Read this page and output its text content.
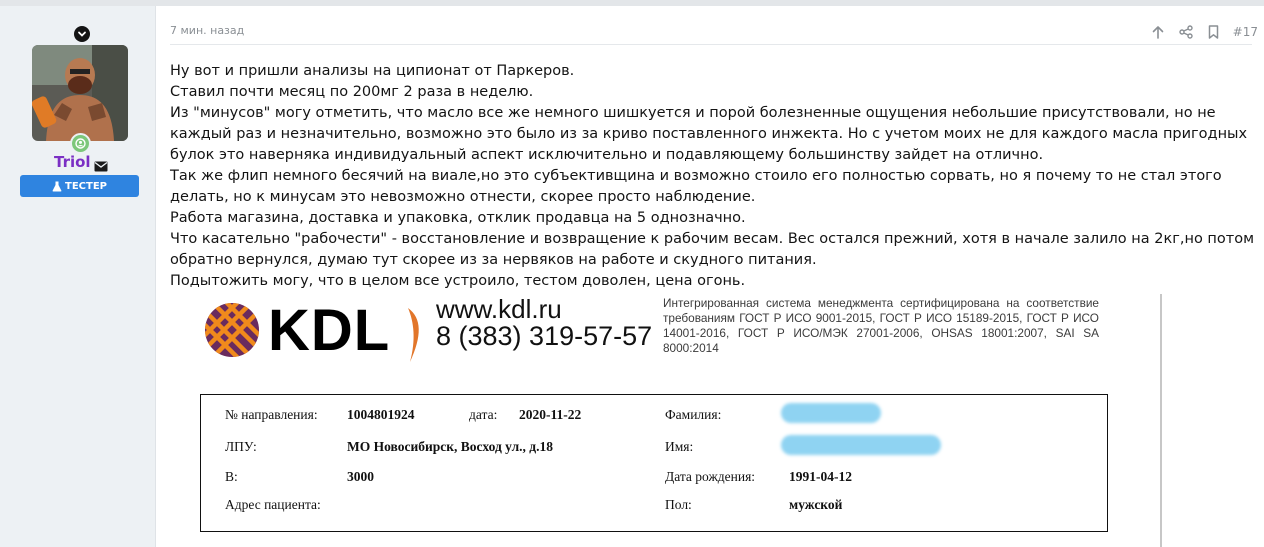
Triol
ТЕСТЕР
7 мин. назад	#17

Ну вот и пришли анализы на ципионат от Паркеров.

Ставил почти месяц по 200мг 2 раза в неделю.

Из "минусов" могу отметить, что масло все же немного шишкуется и порой болезненные ощущения небольшие присутствовали, но не каждый раз и незначительно, возможно это было из за криво поставленного инжекта. Но с учетом моих не для каждого масла пригодных булок это наверняка индивидуальный аспект исключительно и подавляющему большинству зайдет на отлично.

Так же флип немного бесячий на виале,но это субъективщина и возможно стоило его полностью сорвать, но я почему то не стал этого делать, но к минусам это невозможно отнести, скорее просто наблюдение.

Работа магазина, доставка и упаковка, отклик продавца на 5 однозначно.

Что касательно "рабочести" - восстановление и возвращение к рабочим весам. Вес остался прежний, хотя в начале залило на 2кг,но потом обратно вернулся, думаю тут скорее из за нервяков на работе и скудного питания.

Подытожить могу, что в целом все устроило, тестом доволен, цена огонь.

KDL www.kdl.ru
8 (383) 319-57-57
Интегрированная система менеджмента сертифицирована на соответствие требованиям ГОСТ Р ИСО 9001-2015, ГОСТ Р ИСО 15189-2015, ГОСТ Р ИСО 14001-2016, ГОСТ Р ИСО/МЭК 27001-2006, OHSAS 18001:2007, SAI SA 8000:2014
№ направления: 1004801924	дата: 2020-11-22
ЛПУ:	МО Новосибирск, Восход ул., д.18
В:	3000
Адрес пациента:
Фамилия:
Имя:
Дата рождения:	1991-04-12
Пол:	мужской
